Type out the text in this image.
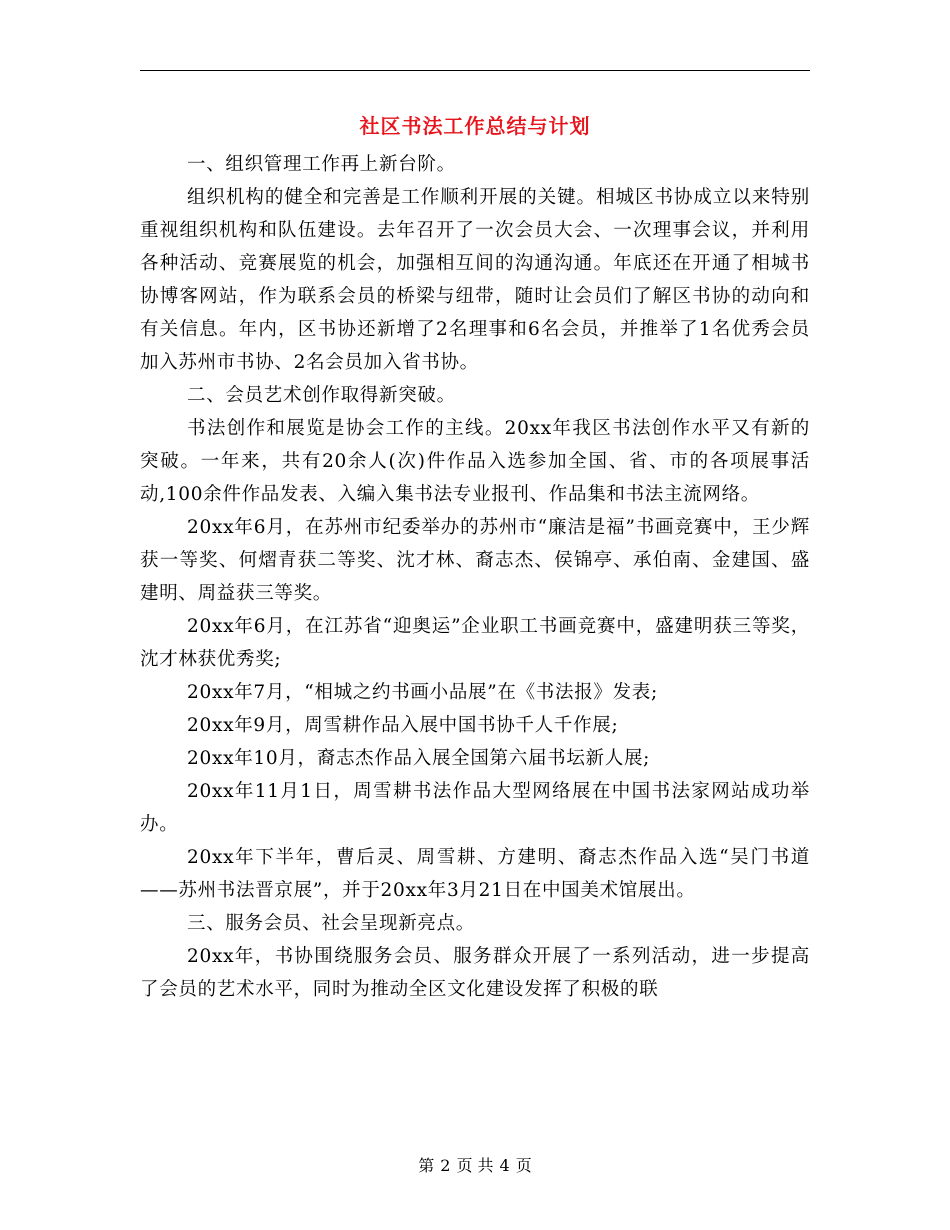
社区书法工作总结与计划

一、组织管理工作再上新台阶。

组织机构的健全和完善是工作顺利开展的关键。相城区书协成立以来特别重视组织机构和队伍建设。去年召开了一次会员大会、一次理事会议，并利用各种活动、竞赛展览的机会，加强相互间的沟通沟通。年底还在开通了相城书协博客网站，作为联系会员的桥梁与纽带，随时让会员们了解区书协的动向和有关信息。年内，区书协还新增了2名理事和6名会员，并推举了1名优秀会员加入苏州市书协、2名会员加入省书协。

二、会员艺术创作取得新突破。

书法创作和展览是协会工作的主线。20xx年我区书法创作水平又有新的突破。一年来，共有20余人(次)件作品入选参加全国、省、市的各项展事活动,100余件作品发表、入编入集书法专业报刊、作品集和书法主流网络。

20xx年6月，在苏州市纪委举办的苏州市“廉洁是福”书画竞赛中，王少辉获一等奖、何熠青获二等奖、沈才林、裔志杰、侯锦亭、承伯南、金建国、盛建明、周益获三等奖。

20xx年6月，在江苏省“迎奥运”企业职工书画竞赛中，盛建明获三等奖，沈才林获优秀奖;

20xx年7月，“相城之约书画小品展”在《书法报》发表;

20xx年9月，周雪耕作品入展中国书协千人千作展;

20xx年10月，裔志杰作品入展全国第六届书坛新人展;

20xx年11月1日，周雪耕书法作品大型网络展在中国书法家网站成功举办。

20xx年下半年，曹后灵、周雪耕、方建明、裔志杰作品入选“吴门书道——苏州书法晋京展”，并于20xx年3月21日在中国美术馆展出。

三、服务会员、社会呈现新亮点。

20xx年，书协围绕服务会员、服务群众开展了一系列活动，进一步提高了会员的艺术水平，同时为推动全区文化建设发挥了积极的联

第 2 页 共 4 页
